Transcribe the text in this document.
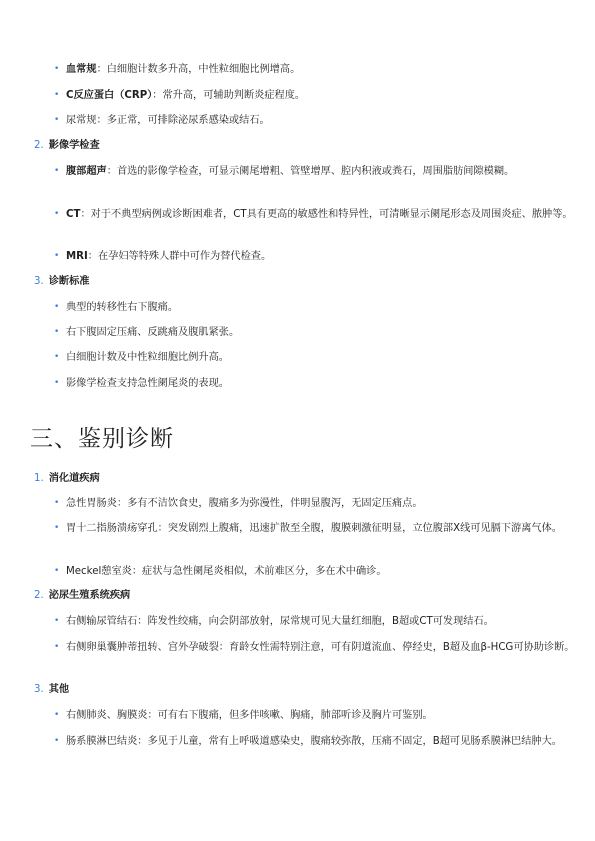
• 血常规：白细胞计数多升高，中性粒细胞比例增高。
• C反应蛋白（CRP）：常升高，可辅助判断炎症程度。
• 尿常规：多正常，可排除泌尿系感染或结石。
2. 影像学检查
• 腹部超声：首选的影像学检查，可显示阑尾增粗、管壁增厚、腔内积液或粪石，周围脂肪间隙模糊。
• CT：对于不典型病例或诊断困难者，CT具有更高的敏感性和特异性，可清晰显示阑尾形态及周围炎症、脓肿等。
• MRI：在孕妇等特殊人群中可作为替代检查。
3. 诊断标准
• 典型的转移性右下腹痛。
• 右下腹固定压痛、反跳痛及腹肌紧张。
• 白细胞计数及中性粒细胞比例升高。
• 影像学检查支持急性阑尾炎的表现。
三、鉴别诊断
1. 消化道疾病
• 急性胃肠炎：多有不洁饮食史，腹痛多为弥漫性，伴明显腹泻，无固定压痛点。
• 胃十二指肠溃疡穿孔：突发剧烈上腹痛，迅速扩散至全腹，腹膜刺激征明显，立位腹部X线可见膈下游离气体。
• Meckel憩室炎：症状与急性阑尾炎相似，术前难区分，多在术中确诊。
2. 泌尿生殖系统疾病
• 右侧输尿管结石：阵发性绞痛，向会阴部放射，尿常规可见大量红细胞，B超或CT可发现结石。
• 右侧卵巢囊肿蒂扭转、宫外孕破裂：育龄女性需特别注意，可有阴道流血、停经史，B超及血β-HCG可协助诊断。
3. 其他
• 右侧肺炎、胸膜炎：可有右下腹痛，但多伴咳嗽、胸痛，肺部听诊及胸片可鉴别。
• 肠系膜淋巴结炎：多见于儿童，常有上呼吸道感染史，腹痛较弥散，压痛不固定，B超可见肠系膜淋巴结肿大。
